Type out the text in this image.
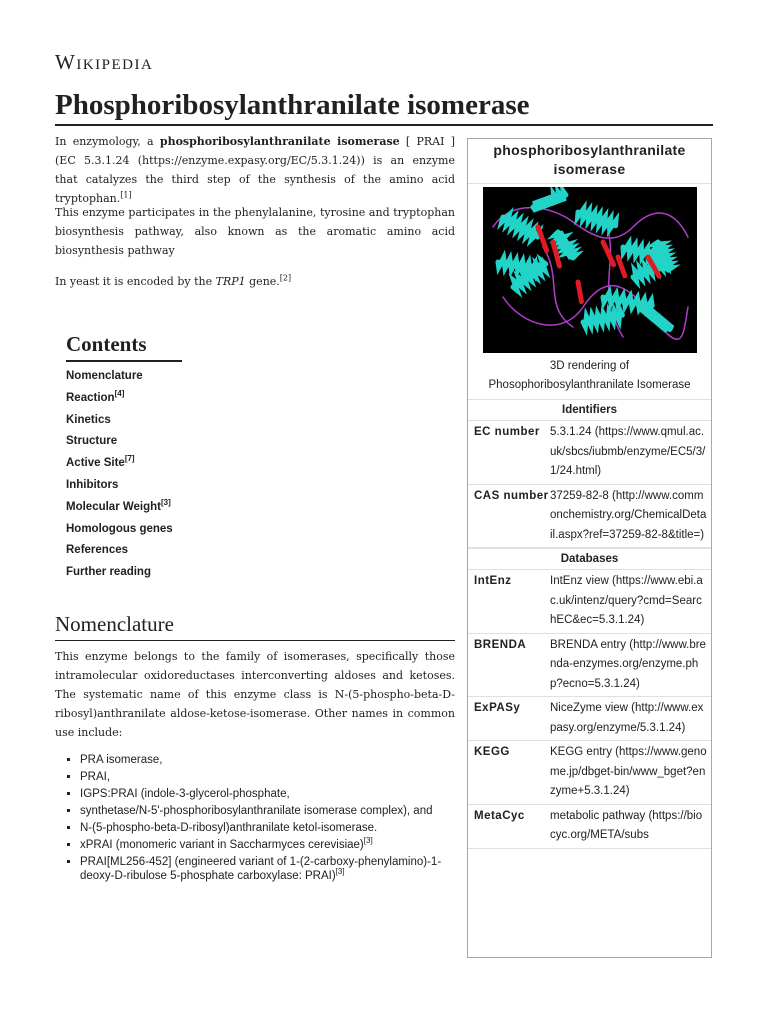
Wikipedia
Phosphoribosylanthranilate isomerase

In enzymology, a phosphoribosylanthranilate isomerase [ PRAI ] (EC 5.3.1.24 (https://enzyme.expasy.org/EC/5.3.1.24)) is an enzyme that catalyzes the third step of the synthesis of the amino acid tryptophan.[1]

This enzyme participates in the phenylalanine, tyrosine and tryptophan biosynthesis pathway, also known as the aromatic amino acid biosynthesis pathway

In yeast it is encoded by the TRP1 gene.[2]

Contents
Nomenclature
Reaction[4]
Kinetics
Structure
Active Site[7]
Inhibitors
Molecular Weight[3]
Homologous genes
References
Further reading
Nomenclature

This enzyme belongs to the family of isomerases, specifically those intramolecular oxidoreductases interconverting aldoses and ketoses. The systematic name of this enzyme class is N-(5-phospho-beta-D-ribosyl)anthranilate aldose-ketose-isomerase. Other names in common use include:

▪ PRA isomerase,
▪ PRAI,
▪ IGPS:PRAI (indole-3-glycerol-phosphate,
▪ synthetase/N-5'-phosphoribosylanthranilate isomerase complex), and
▪ N-(5-phospho-beta-D-ribosyl)anthranilate ketol-isomerase.
▪ xPRAI (monomeric variant in Saccharmyces cerevisiae)[3]
▪ PRAI[ML256-452] (engineered variant of 1-(2-carboxy-phenylamino)-1-deoxy-D-ribulose 5-phosphate carboxylase: PRAI)[3]
phosphoribosylanthranilate isomerase
3D rendering of Phosophoribosylanthranilate Isomerase
Identifiers
EC number 5.3.1.24 (https://www.qmul.ac.uk/sbcs/iubmb/enzyme/EC5/3/1/24.html)
CAS number 37259-82-8 (http://www.commonchemistry.org/ChemicalDetail.aspx?ref=37259-82-8&title=)
Databases
IntEnz	IntEnz view (https://www.ebi.ac.uk/intenz/query?cmd=SearchEC&ec=5.3.1.24)
BRENDA	BRENDA entry (http://www.brenda-enzymes.org/enzyme.php?ecno=5.3.1.24)
ExPASy	NiceZyme view (http://www.expasy.org/enzyme/5.3.1.24)
KEGG	KEGG entry (https://www.genome.jp/dbget-bin/www_bget?enzyme+5.3.1.24)
MetaCyc	metabolic pathway (https://biocyc.org/META/subs
